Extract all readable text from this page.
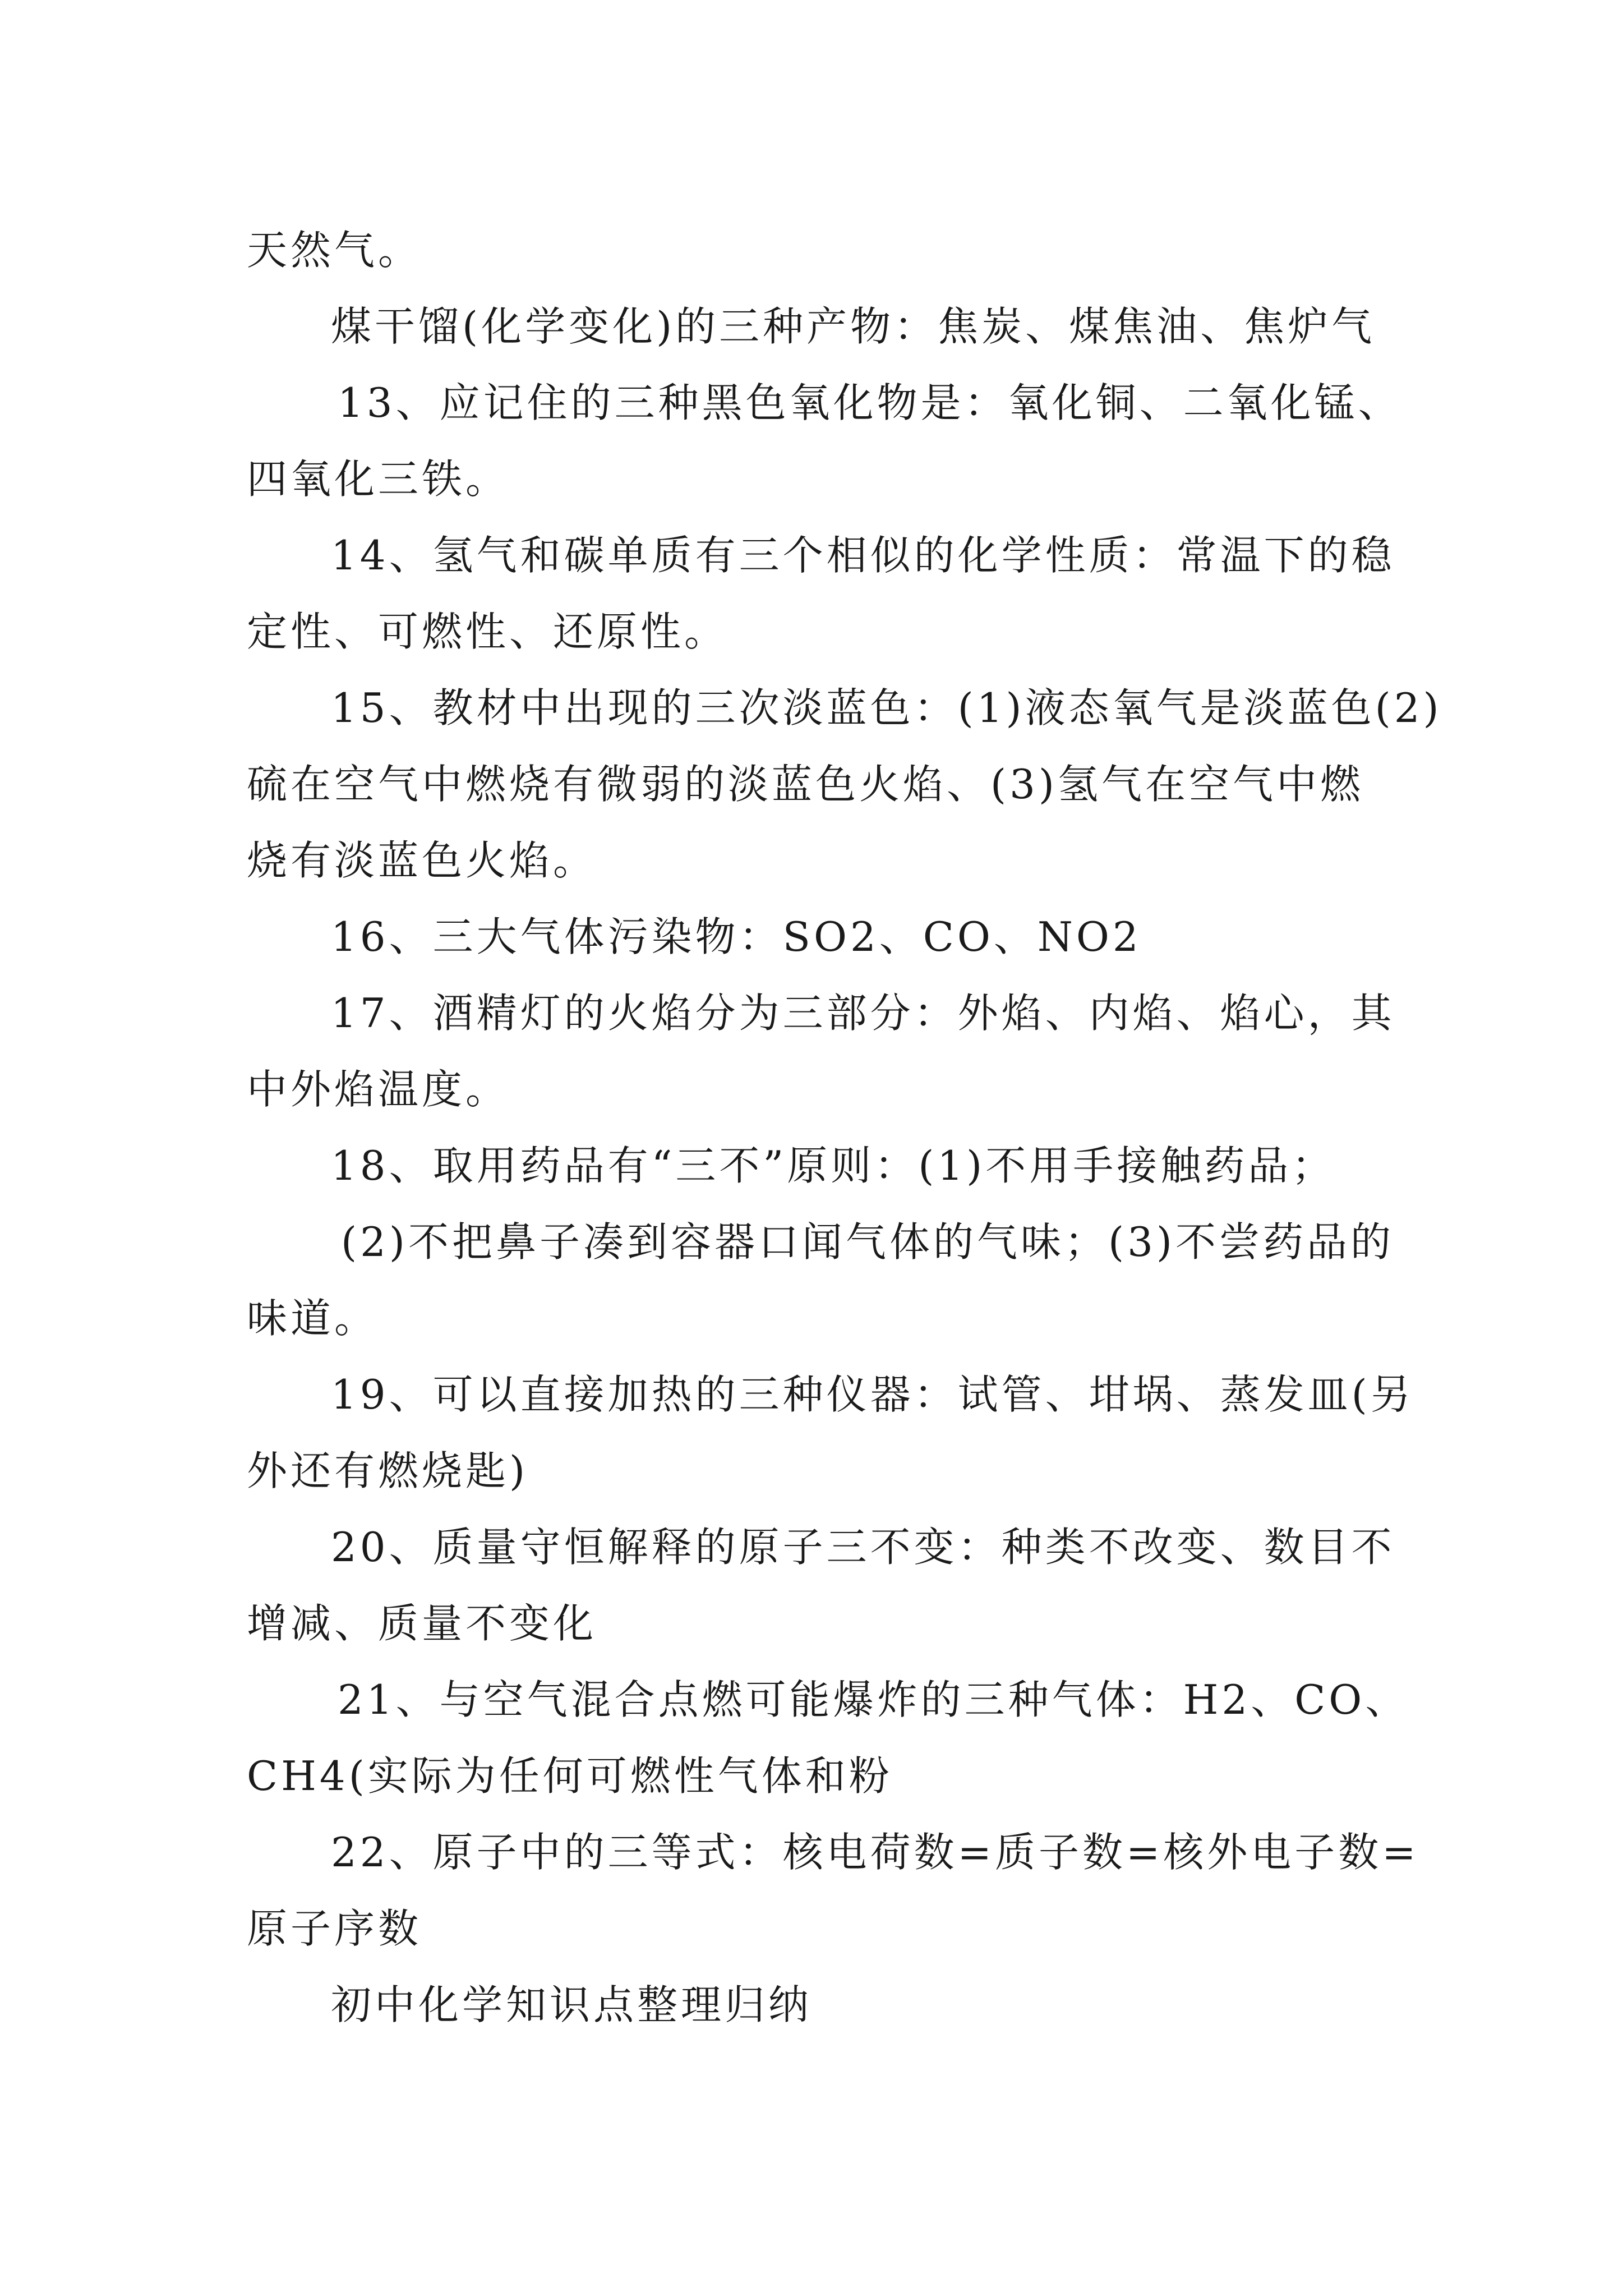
天然气。

煤干馏(化学变化)的三种产物：焦炭、煤焦油、焦炉气

13、应记住的三种黑色氧化物是：氧化铜、二氧化锰、

四氧化三铁。

14、氢气和碳单质有三个相似的化学性质：常温下的稳

定性、可燃性、还原性。

15、教材中出现的三次淡蓝色：(1)液态氧气是淡蓝色(2)

硫在空气中燃烧有微弱的淡蓝色火焰、(3)氢气在空气中燃

烧有淡蓝色火焰。

16、三大气体污染物：SO2、CO、NO2

17、酒精灯的火焰分为三部分：外焰、内焰、焰心，其

中外焰温度。

18、取用药品有“三不”原则：(1)不用手接触药品；

(2)不把鼻子凑到容器口闻气体的气味；(3)不尝药品的

味道。

19、可以直接加热的三种仪器：试管、坩埚、蒸发皿(另

外还有燃烧匙)

20、质量守恒解释的原子三不变：种类不改变、数目不

增减、质量不变化

21、与空气混合点燃可能爆炸的三种气体：H2、CO、

CH4(实际为任何可燃性气体和粉

22、原子中的三等式：核电荷数=质子数=核外电子数=

原子序数

初中化学知识点整理归纳
